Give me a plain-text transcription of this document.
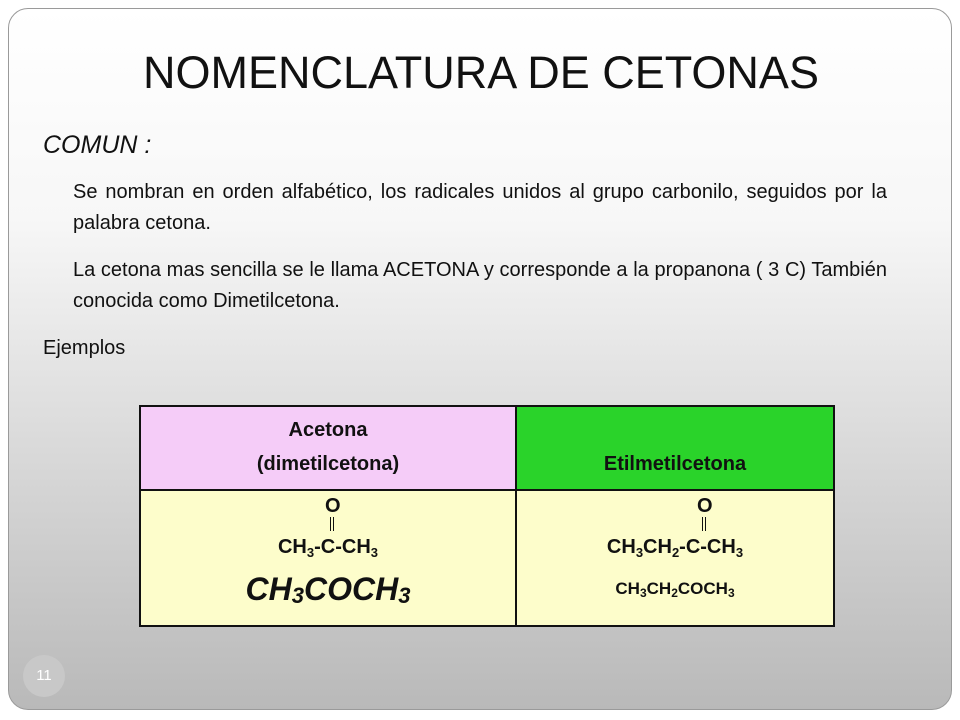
NOMENCLATURA DE CETONAS
COMUN :
Se nombran en orden alfabético, los radicales unidos al grupo carbonilo, seguidos por la palabra cetona.
La cetona mas sencilla se le llama ACETONA y corresponde a la propanona ( 3 C) También conocida como Dimetilcetona.
Ejemplos
Acetona
(dimetilcetona)	Etilmetilcetona
O
$CH_3-C-CH_3$
$CH_3COCH_3$
O
$CH_3CH_2-C-CH_3$
$CH_3CH_2COCH_3$
11
